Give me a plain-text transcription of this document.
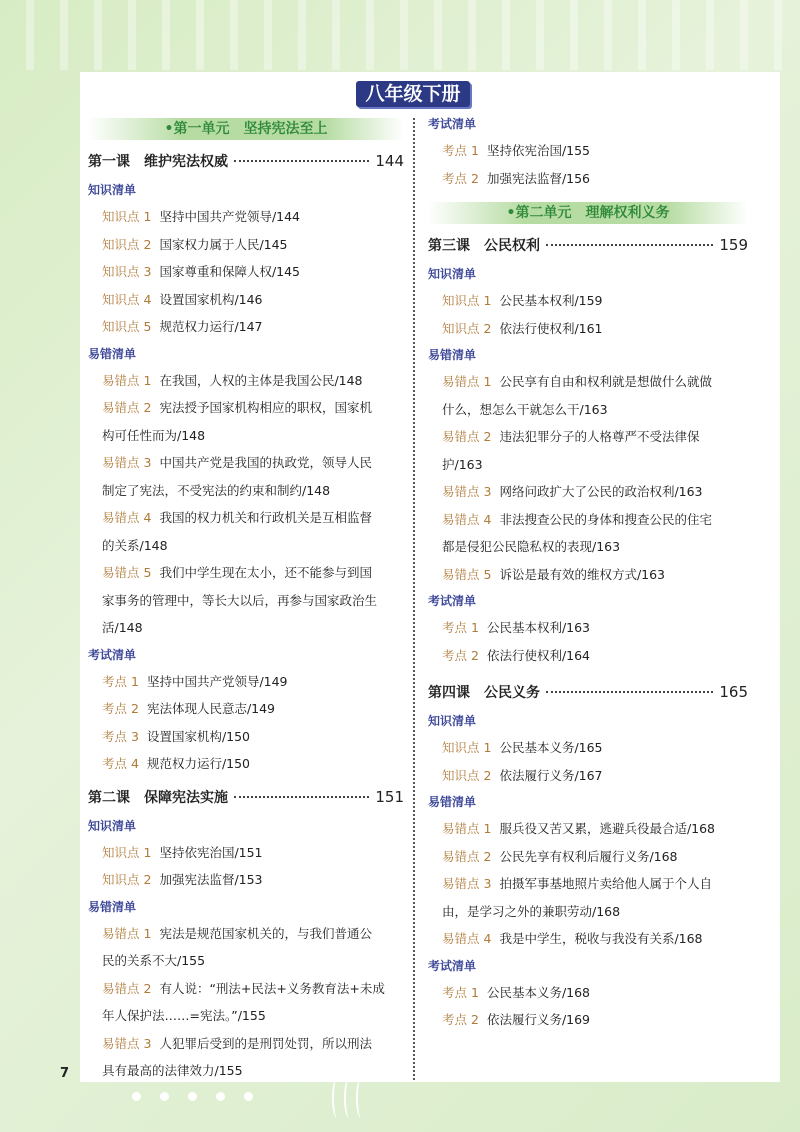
八年级下册
•第一单元　坚持宪法至上
第一课　维护宪法权威	144
知识清单
知识点 1 坚持中国共产党领导/144
知识点 2 国家权力属于人民/145
知识点 3 国家尊重和保障人权/145
知识点 4 设置国家机构/146
知识点 5 规范权力运行/147
易错清单
易错点 1 在我国，人权的主体是我国公民/148
易错点 2 宪法授予国家机构相应的职权，国家机
构可任性而为/148
易错点 3 中国共产党是我国的执政党，领导人民
制定了宪法，不受宪法的约束和制约/148
易错点 4 我国的权力机关和行政机关是互相监督
的关系/148
易错点 5 我们中学生现在太小，还不能参与到国
家事务的管理中，等长大以后，再参与国家政治生
活/148
考试清单
考点 1 坚持中国共产党领导/149
考点 2 宪法体现人民意志/149
考点 3 设置国家机构/150
考点 4 规范权力运行/150
第二课　保障宪法实施	151
知识清单
知识点 1 坚持依宪治国/151
知识点 2 加强宪法监督/153
易错清单
易错点 1 宪法是规范国家机关的，与我们普通公
民的关系不大/155
易错点 2 有人说：“刑法+民法+义务教育法+未成
年人保护法……=宪法。”/155
易错点 3 人犯罪后受到的是刑罚处罚，所以刑法
具有最高的法律效力/155
考试清单
考点 1 坚持依宪治国/155
考点 2 加强宪法监督/156
•第二单元　理解权利义务
第三课　公民权利	159
知识清单
知识点 1 公民基本权利/159
知识点 2 依法行使权利/161
易错清单
易错点 1 公民享有自由和权利就是想做什么就做
什么，想怎么干就怎么干/163
易错点 2 违法犯罪分子的人格尊严不受法律保
护/163
易错点 3 网络问政扩大了公民的政治权利/163
易错点 4 非法搜查公民的身体和搜查公民的住宅
都是侵犯公民隐私权的表现/163
易错点 5 诉讼是最有效的维权方式/163
考试清单
考点 1 公民基本权利/163
考点 2 依法行使权利/164
第四课　公民义务	165
知识清单
知识点 1 公民基本义务/165
知识点 2 依法履行义务/167
易错清单
易错点 1 服兵役又苦又累，逃避兵役最合适/168
易错点 2 公民先享有权利后履行义务/168
易错点 3 拍摄军事基地照片卖给他人属于个人自
由，是学习之外的兼职劳动/168
易错点 4 我是中学生，税收与我没有关系/168
考试清单
考点 1 公民基本义务/168
考点 2 依法履行义务/169
7
